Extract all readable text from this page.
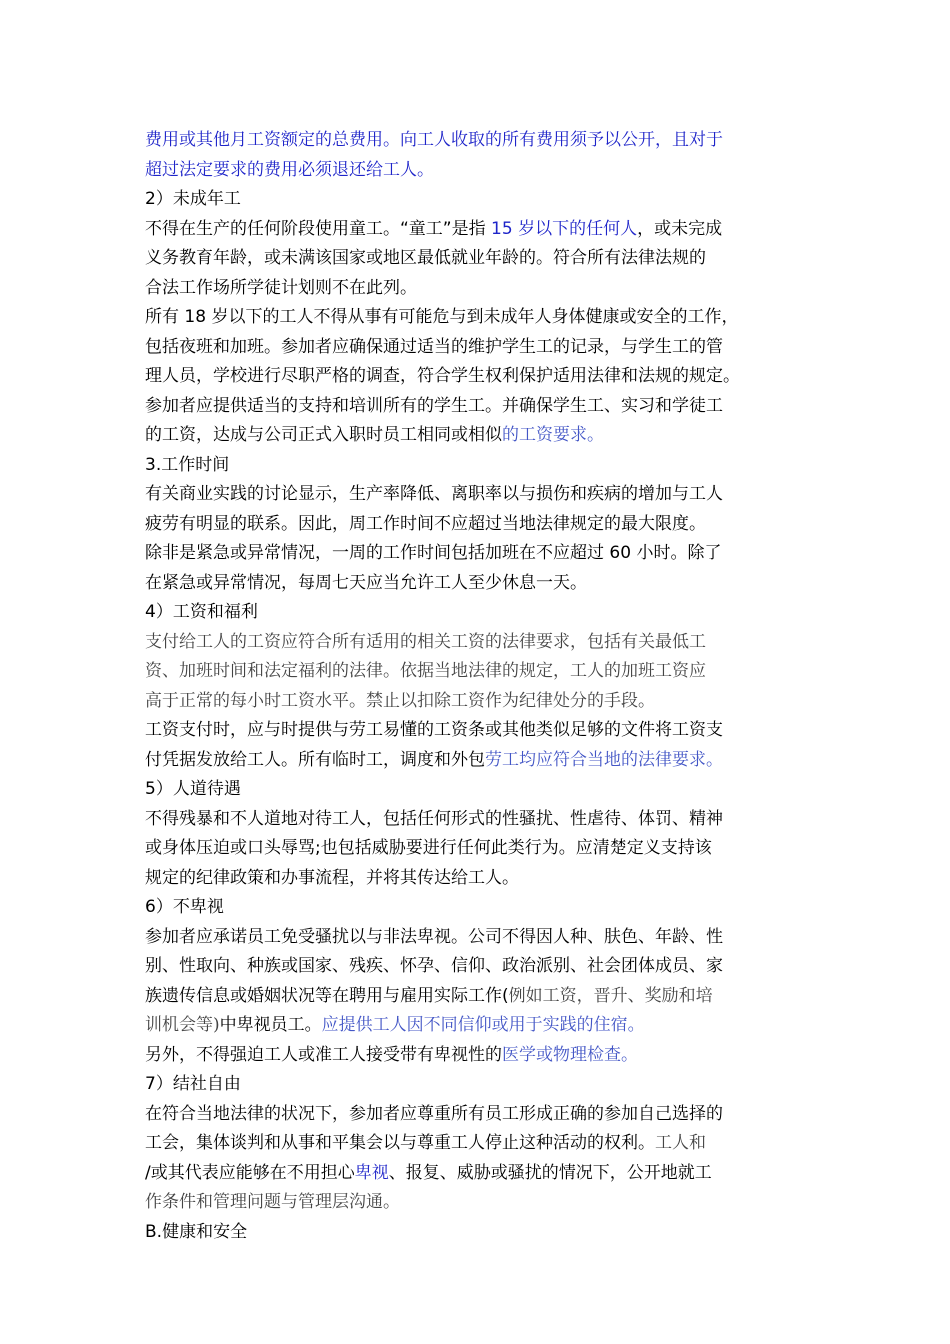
费用或其他月工资额定的总费用。向工人收取的所有费用须予以公开，且对于
超过法定要求的费用必须退还给工人。
2）未成年工
不得在生产的任何阶段使用童工。“童工”是指 15 岁以下的任何人，或未完成
义务教育年龄，或未满该国家或地区最低就业年龄的。符合所有法律法规的
合法工作场所学徒计划则不在此列。
所有 18 岁以下的工人不得从事有可能危与到未成年人身体健康或安全的工作，
包括夜班和加班。参加者应确保通过适当的维护学生工的记录，与学生工的管
理人员，学校进行尽职严格的调查，符合学生权利保护适用法律和法规的规定。
参加者应提供适当的支持和培训所有的学生工。并确保学生工、实习和学徒工
的工资，达成与公司正式入职时员工相同或相似的工资要求。
3.工作时间
有关商业实践的讨论显示，生产率降低、离职率以与损伤和疾病的增加与工人
疲劳有明显的联系。因此，周工作时间不应超过当地法律规定的最大限度。
除非是紧急或异常情况，一周的工作时间包括加班在不应超过 60 小时。除了
在紧急或异常情况，每周七天应当允许工人至少休息一天。
4）工资和福利
支付给工人的工资应符合所有适用的相关工资的法律要求，包括有关最低工
资、加班时间和法定福利的法律。依据当地法律的规定，工人的加班工资应
高于正常的每小时工资水平。禁止以扣除工资作为纪律处分的手段。
工资支付时，应与时提供与劳工易懂的工资条或其他类似足够的文件将工资支
付凭据发放给工人。所有临时工，调度和外包劳工均应符合当地的法律要求。
5）人道待遇
不得残暴和不人道地对待工人，包括任何形式的性骚扰、性虐待、体罚、精神
或身体压迫或口头辱骂;也包括威胁要进行任何此类行为。应清楚定义支持该
规定的纪律政策和办事流程，并将其传达给工人。
6）不卑视
参加者应承诺员工免受骚扰以与非法卑视。公司不得因人种、肤色、年龄、性
别、性取向、种族或国家、残疾、怀孕、信仰、政治派别、社会团体成员、家
族遗传信息或婚姻状况等在聘用与雇用实际工作(例如工资，晋升、奖励和培
训机会等)中卑视员工。应提供工人因不同信仰或用于实践的住宿。
另外，不得强迫工人或准工人接受带有卑视性的医学或物理检查。
7）结社自由
在符合当地法律的状况下，参加者应尊重所有员工形成正确的参加自己选择的
工会，集体谈判和从事和平集会以与尊重工人停止这种活动的权利。工人和
/或其代表应能够在不用担心卑视、报复、威胁或骚扰的情况下，公开地就工
作条件和管理问题与管理层沟通。
B.健康和安全
